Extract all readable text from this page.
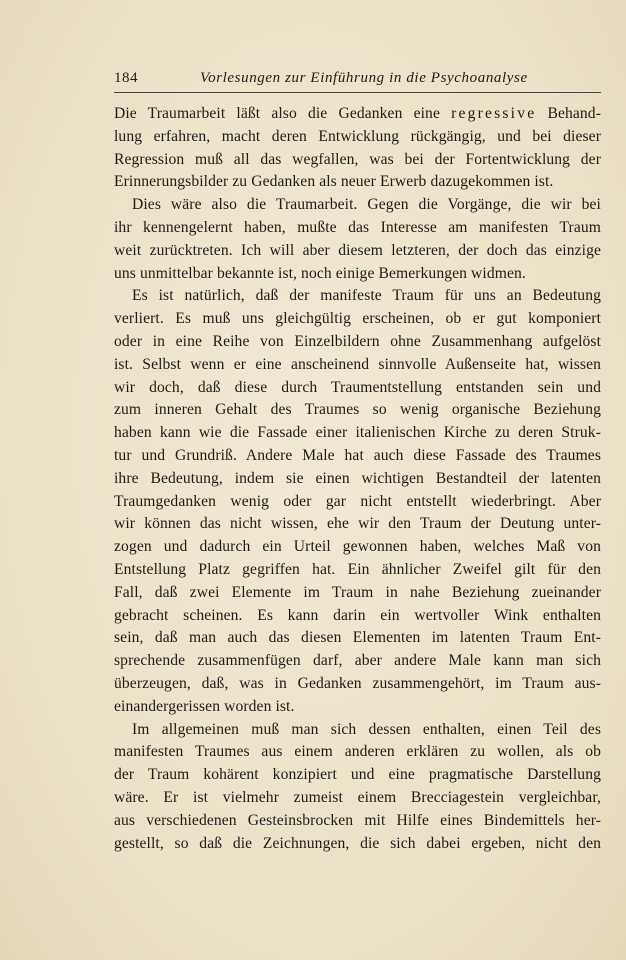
184	Vorlesungen zur Einführung in die Psychoanalyse
Die Traumarbeit läßt also die Gedanken eine regressive Behand-
lung erfahren, macht deren Entwicklung rückgängig, und bei dieser
Regression muß all das wegfallen, was bei der Fortentwicklung der
Erinnerungsbilder zu Gedanken als neuer Erwerb dazugekommen ist.
Dies wäre also die Traumarbeit. Gegen die Vorgänge, die wir bei
ihr kennengelernt haben, mußte das Interesse am manifesten Traum
weit zurücktreten. Ich will aber diesem letzteren, der doch das einzige
uns unmittelbar bekannte ist, noch einige Bemerkungen widmen.
Es ist natürlich, daß der manifeste Traum für uns an Bedeutung
verliert. Es muß uns gleichgültig erscheinen, ob er gut komponiert
oder in eine Reihe von Einzelbildern ohne Zusammenhang aufgelöst
ist. Selbst wenn er eine anscheinend sinnvolle Außenseite hat, wissen
wir doch, daß diese durch Traumentstellung entstanden sein und
zum inneren Gehalt des Traumes so wenig organische Beziehung
haben kann wie die Fassade einer italienischen Kirche zu deren Struk-
tur und Grundriß. Andere Male hat auch diese Fassade des Traumes
ihre Bedeutung, indem sie einen wichtigen Bestandteil der latenten
Traumgedanken wenig oder gar nicht entstellt wiederbringt. Aber
wir können das nicht wissen, ehe wir den Traum der Deutung unter-
zogen und dadurch ein Urteil gewonnen haben, welches Maß von
Entstellung Platz gegriffen hat. Ein ähnlicher Zweifel gilt für den
Fall, daß zwei Elemente im Traum in nahe Beziehung zueinander
gebracht scheinen. Es kann darin ein wertvoller Wink enthalten
sein, daß man auch das diesen Elementen im latenten Traum Ent-
sprechende zusammenfügen darf, aber andere Male kann man sich
überzeugen, daß, was in Gedanken zusammengehört, im Traum aus-
einandergerissen worden ist.
Im allgemeinen muß man sich dessen enthalten, einen Teil des
manifesten Traumes aus einem anderen erklären zu wollen, als ob
der Traum kohärent konzipiert und eine pragmatische Darstellung
wäre. Er ist vielmehr zumeist einem Brecciagestein vergleichbar,
aus verschiedenen Gesteinsbrocken mit Hilfe eines Bindemittels her-
gestellt, so daß die Zeichnungen, die sich dabei ergeben, nicht den
